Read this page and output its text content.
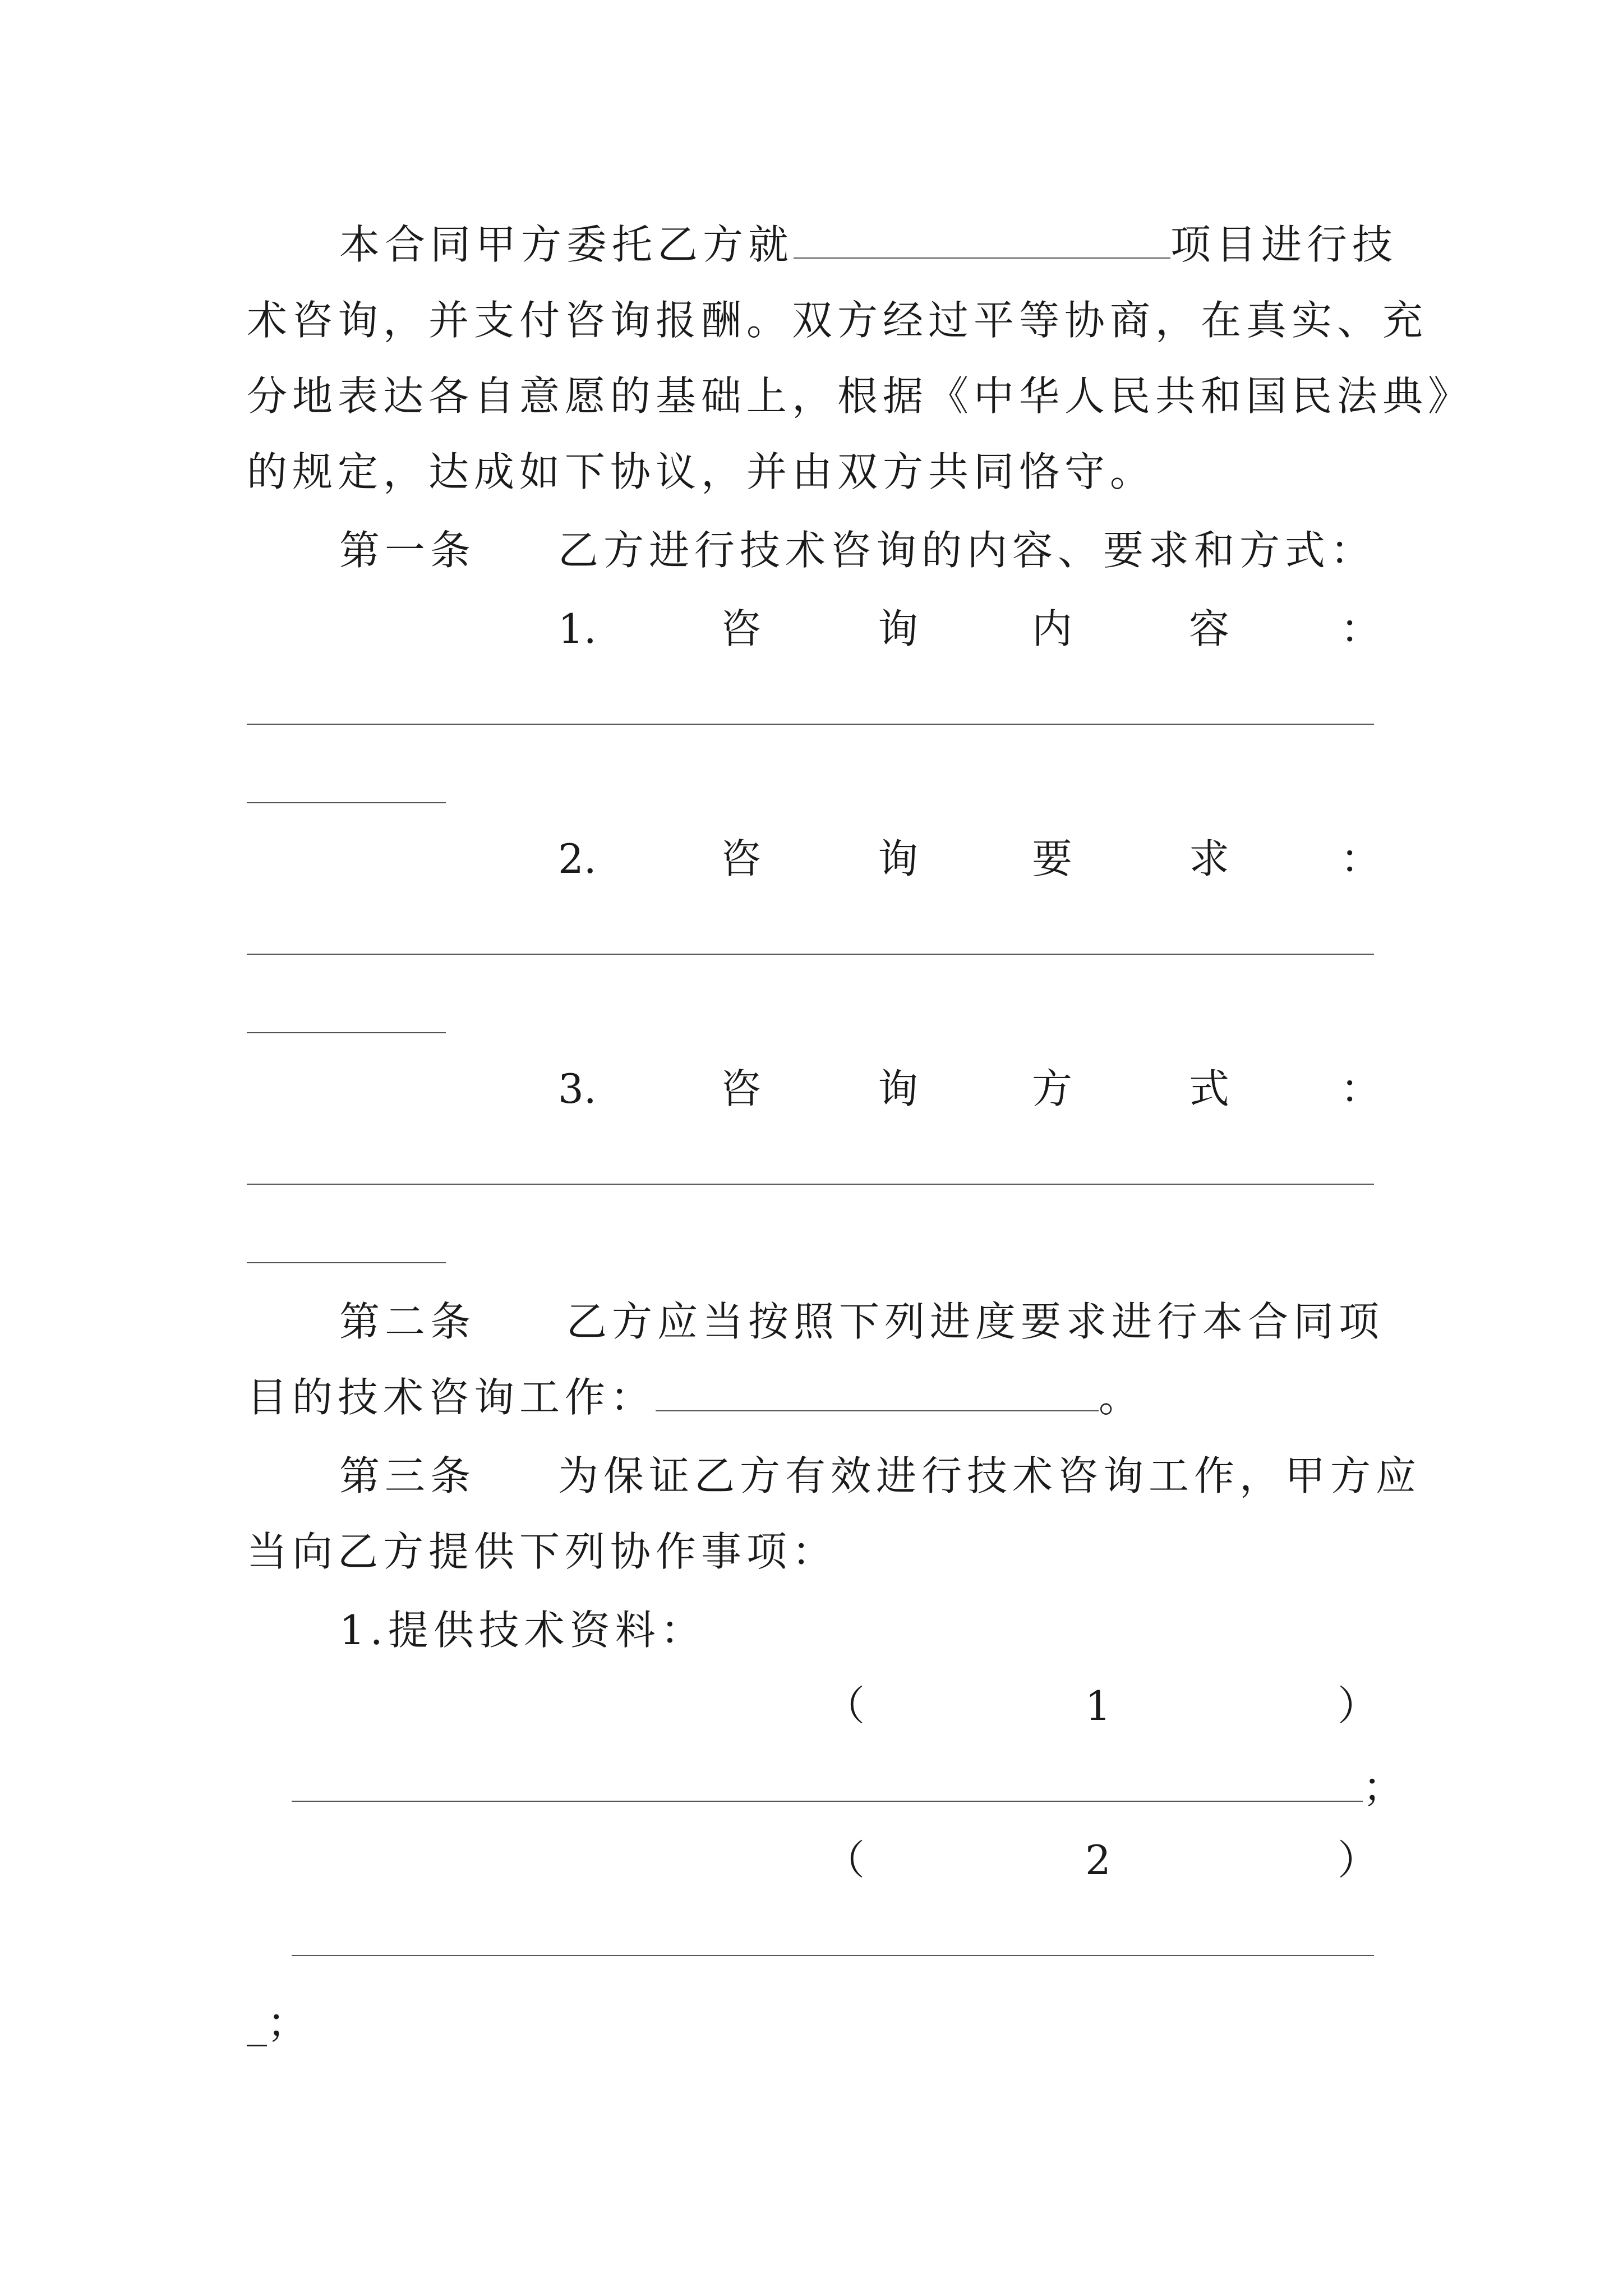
本合同甲方委托乙方就	项目进行技
术咨询，并支付咨询报酬。双方经过平等协商，在真实、充
分地表达各自意愿的基础上，根据《中华人民共和国民法典》
的规定，达成如下协议，并由双方共同恪守。
第一条 乙方进行技术咨询的内容、要求和方式：
1.	咨	询	内	容	：
2.	咨	询	要	求	：
3.	咨	询	方	式	：
第二条 乙方应当按照下列进度要求进行本合同项
目的技术咨询工作：	。
第三条 为保证乙方有效进行技术咨询工作，甲方应
当向乙方提供下列协作事项：
1.提供技术资料：
（	1	）
；
（	2	）
_；
